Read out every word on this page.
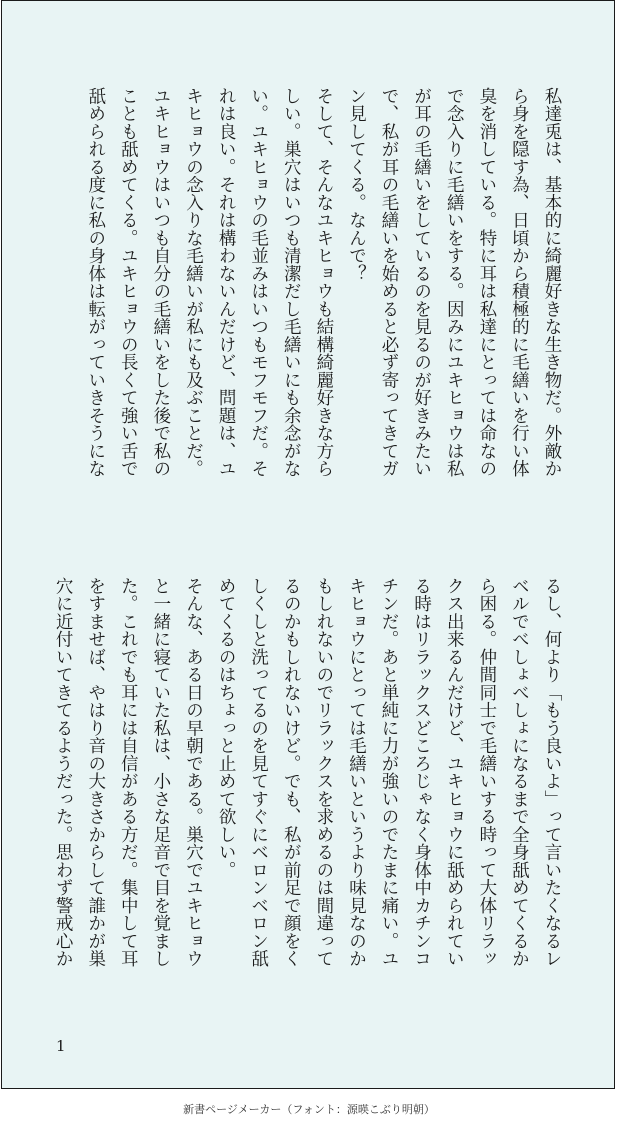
私達兎は、基本的に綺麗好きな生き物だ。外敵か
ら身を隠す為、日頃から積極的に毛繕いを行い体
臭を消している。特に耳は私達にとっては命なの
で念入りに毛繕いをする。因みにユキヒョウは私
が耳の毛繕いをしているのを見るのが好きみたい
で、私が耳の毛繕いを始めると必ず寄ってきてガ
ン見してくる。なんで？
そして、そんなユキヒョウも結構綺麗好きな方ら
しい。巣穴はいつも清潔だし毛繕いにも余念がな
い。ユキヒョウの毛並みはいつもモフモフだ。そ
れは良い。それは構わないんだけど、問題は、ユ
キヒョウの念入りな毛繕いが私にも及ぶことだ。
ユキヒョウはいつも自分の毛繕いをした後で私の
ことも舐めてくる。ユキヒョウの長くて強い舌で
舐められる度に私の身体は転がっていきそうにな
るし、何より「もう良いよ」って言いたくなるレ
ベルでべしょべしょになるまで全身舐めてくるか
ら困る。仲間同士で毛繕いする時って大体リラッ
クス出来るんだけど、ユキヒョウに舐められてい
る時はリラックスどころじゃなく身体中カチンコ
チンだ。あと単純に力が強いのでたまに痛い。ユ
キヒョウにとっては毛繕いというより味見なのか
もしれないのでリラックスを求めるのは間違って
るのかもしれないけど。でも、私が前足で顔をく
しくしと洗ってるのを見てすぐにベロンベロン舐
めてくるのはちょっと止めて欲しい。
そんな、ある日の早朝である。巣穴でユキヒョウ
と一緒に寝ていた私は、小さな足音で目を覚まし
た。これでも耳には自信がある方だ。集中して耳
をすませば、やはり音の大きさからして誰かが巣
穴に近付いてきてるようだった。思わず警戒心か
1
新書ページメーカー（フォント：源暎こぶり明朝）
